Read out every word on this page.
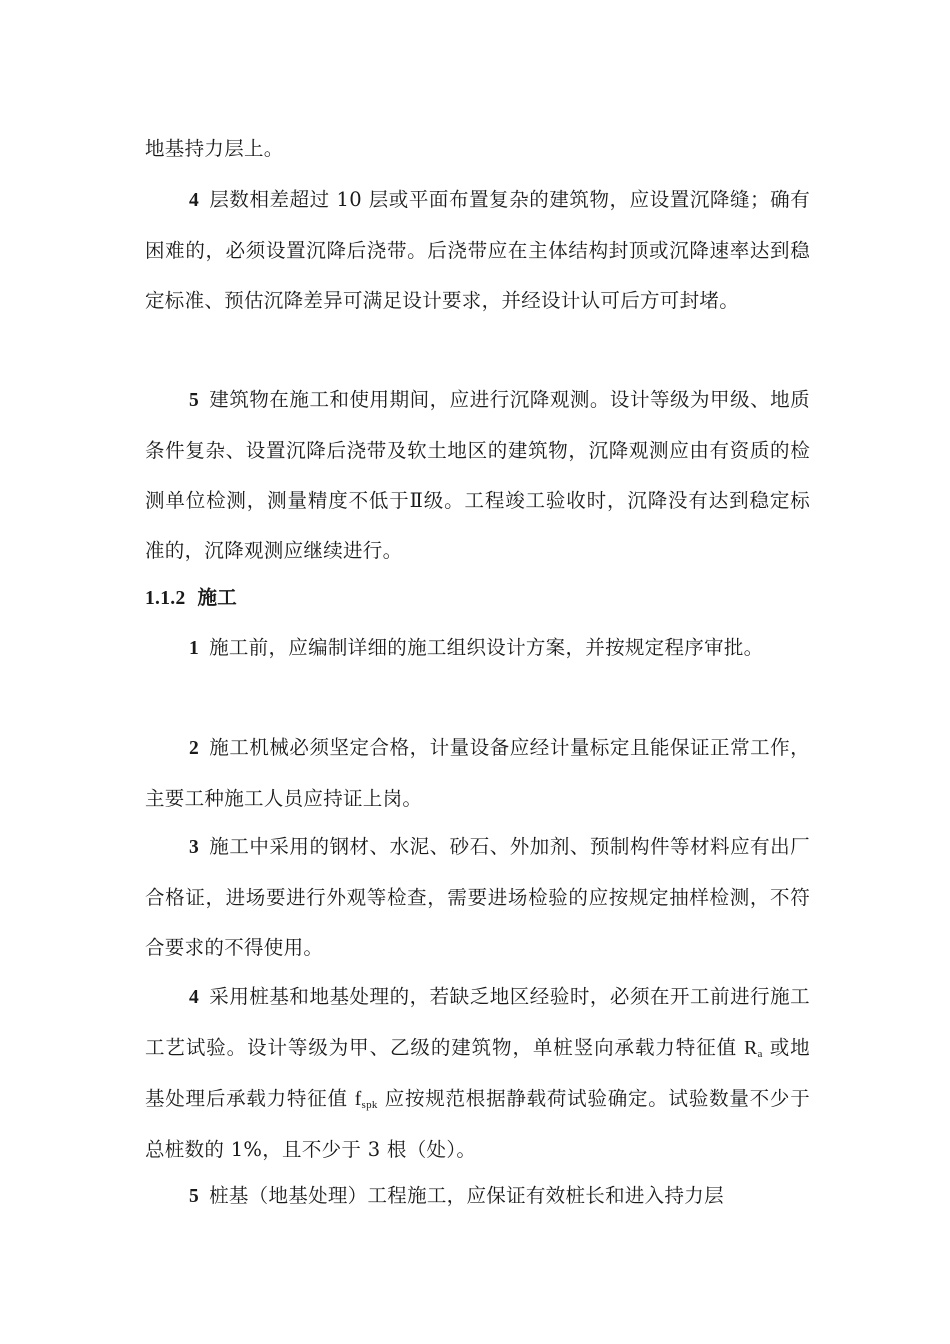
地基持力层上。

4 层数相差超过 10 层或平面布置复杂的建筑物，应设置沉降缝；确有困难的，必须设置沉降后浇带。后浇带应在主体结构封顶或沉降速率达到稳定标准、预估沉降差异可满足设计要求，并经设计认可后方可封堵。

5 建筑物在施工和使用期间，应进行沉降观测。设计等级为甲级、地质条件复杂、设置沉降后浇带及软土地区的建筑物，沉降观测应由有资质的检测单位检测，测量精度不低于Ⅱ级。工程竣工验收时，沉降没有达到稳定标准的，沉降观测应继续进行。

1.1.2 施工

1 施工前，应编制详细的施工组织设计方案，并按规定程序审批。

2 施工机械必须坚定合格，计量设备应经计量标定且能保证正常工作，主要工种施工人员应持证上岗。

3 施工中采用的钢材、水泥、砂石、外加剂、预制构件等材料应有出厂合格证，进场要进行外观等检查，需要进场检验的应按规定抽样检测，不符合要求的不得使用。

4 采用桩基和地基处理的，若缺乏地区经验时，必须在开工前进行施工工艺试验。设计等级为甲、乙级的建筑物，单桩竖向承载力特征值 $R_a$ 或地基处理后承载力特征值 $f_{spk}$ 应按规范根据静载荷试验确定。试验数量不少于总桩数的 1%，且不少于 3 根（处）。

5 桩基（地基处理）工程施工，应保证有效桩长和进入持力层
